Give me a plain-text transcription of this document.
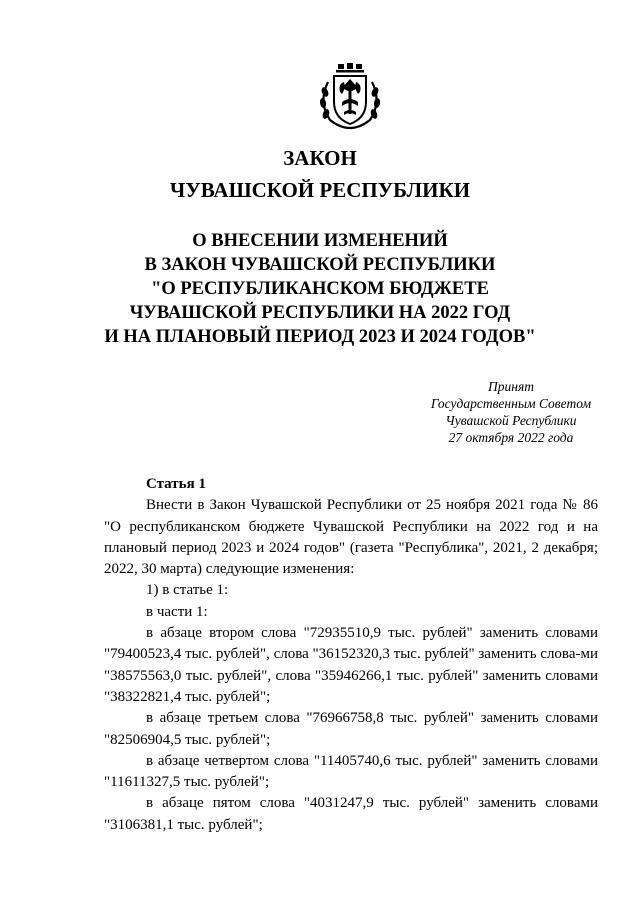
ЗАКОН
ЧУВАШСКОЙ РЕСПУБЛИКИ
О ВНЕСЕНИИ ИЗМЕНЕНИЙ
В ЗАКОН ЧУВАШСКОЙ РЕСПУБЛИКИ
"О РЕСПУБЛИКАНСКОМ БЮДЖЕТЕ
ЧУВАШСКОЙ РЕСПУБЛИКИ НА 2022 ГОД
И НА ПЛАНОВЫЙ ПЕРИОД 2023 И 2024 ГОДОВ"
Принят
Государственным Советом
Чувашской Республики
27 октября 2022 года
Статья 1
Внести в Закон Чувашской Республики от 25 ноября 2021 года № 86 "О республиканском бюджете Чувашской Республики на 2022 год и на плановый период 2023 и 2024 годов" (газета "Республика", 2021, 2 декабря; 2022, 30 марта) следующие изменения:
1) в статье 1:
в части 1:
в абзаце втором слова "72935510,9 тыс. рублей" заменить словами "79400523,4 тыс. рублей", слова "36152320,3 тыс. рублей" заменить слова-ми "38575563,0 тыс. рублей", слова "35946266,1 тыс. рублей" заменить словами "38322821,4 тыс. рублей";
в абзаце третьем слова "76966758,8 тыс. рублей" заменить словами "82506904,5 тыс. рублей";
в абзаце четвертом слова "11405740,6 тыс. рублей" заменить словами "11611327,5 тыс. рублей";
в абзаце пятом слова "4031247,9 тыс. рублей" заменить словами "3106381,1 тыс. рублей";
